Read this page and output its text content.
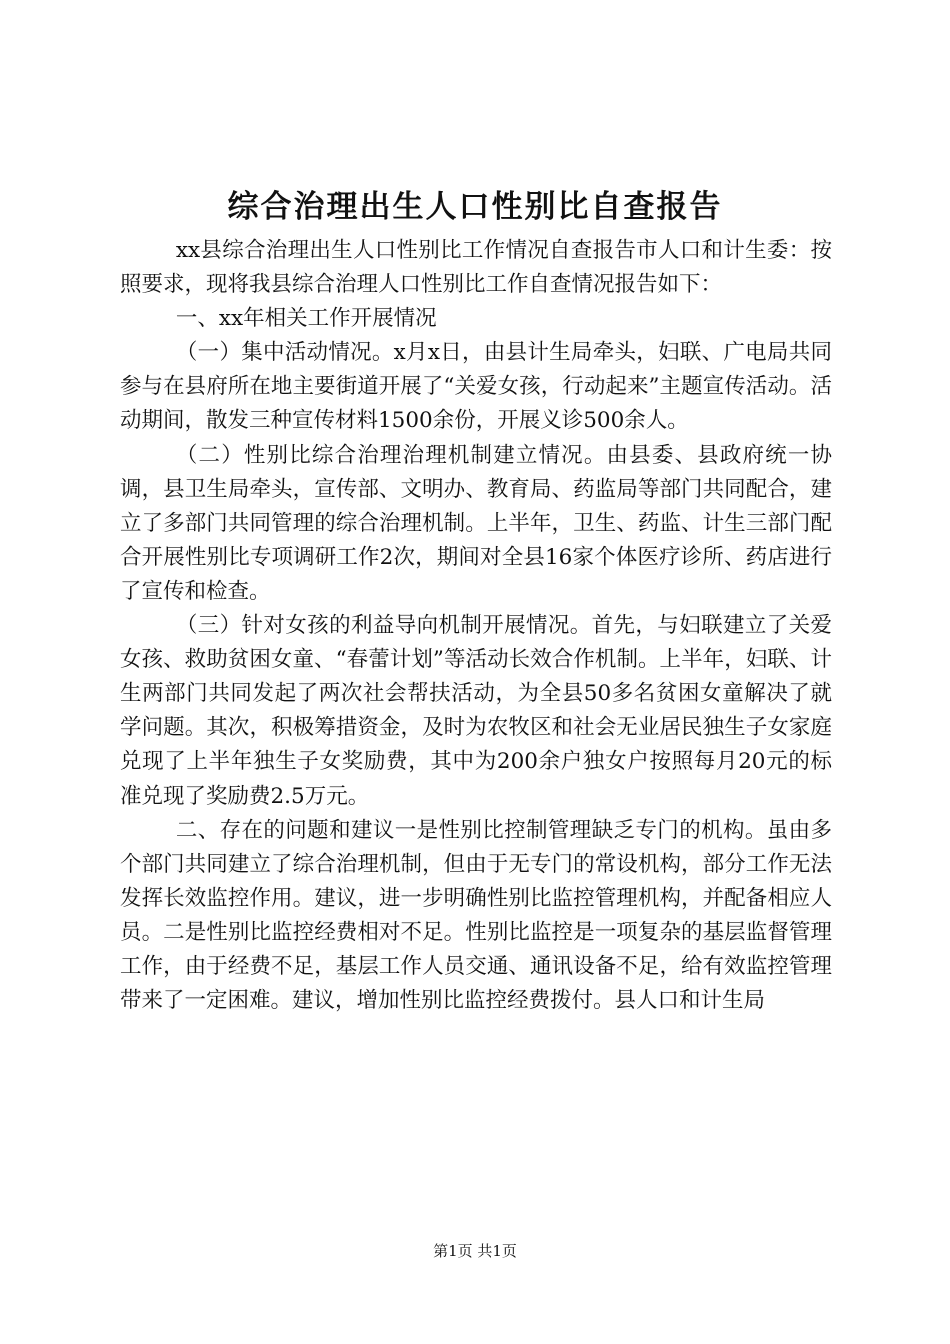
综合治理出生人口性别比自查报告

xx县综合治理出生人口性别比工作情况自查报告市人口和计生委：按照要求，现将我县综合治理人口性别比工作自查情况报告如下：

一、xx年相关工作开展情况

（一）集中活动情况。x月x日，由县计生局牵头，妇联、广电局共同参与在县府所在地主要街道开展了“关爱女孩，行动起来”主题宣传活动。活动期间，散发三种宣传材料1500余份，开展义诊500余人。

（二）性别比综合治理治理机制建立情况。由县委、县政府统一协调，县卫生局牵头，宣传部、文明办、教育局、药监局等部门共同配合，建立了多部门共同管理的综合治理机制。上半年，卫生、药监、计生三部门配合开展性别比专项调研工作2次，期间对全县16家个体医疗诊所、药店进行了宣传和检查。

（三）针对女孩的利益导向机制开展情况。首先，与妇联建立了关爱女孩、救助贫困女童、“春蕾计划”等活动长效合作机制。上半年，妇联、计生两部门共同发起了两次社会帮扶活动，为全县50多名贫困女童解决了就学问题。其次，积极筹措资金，及时为农牧区和社会无业居民独生子女家庭兑现了上半年独生子女奖励费，其中为200余户独女户按照每月20元的标准兑现了奖励费2.5万元。

二、存在的问题和建议一是性别比控制管理缺乏专门的机构。虽由多个部门共同建立了综合治理机制，但由于无专门的常设机构，部分工作无法发挥长效监控作用。建议，进一步明确性别比监控管理机构，并配备相应人员。二是性别比监控经费相对不足。性别比监控是一项复杂的基层监督管理工作，由于经费不足，基层工作人员交通、通讯设备不足，给有效监控管理带来了一定困难。建议，增加性别比监控经费拨付。县人口和计生局

第1页 共1页
